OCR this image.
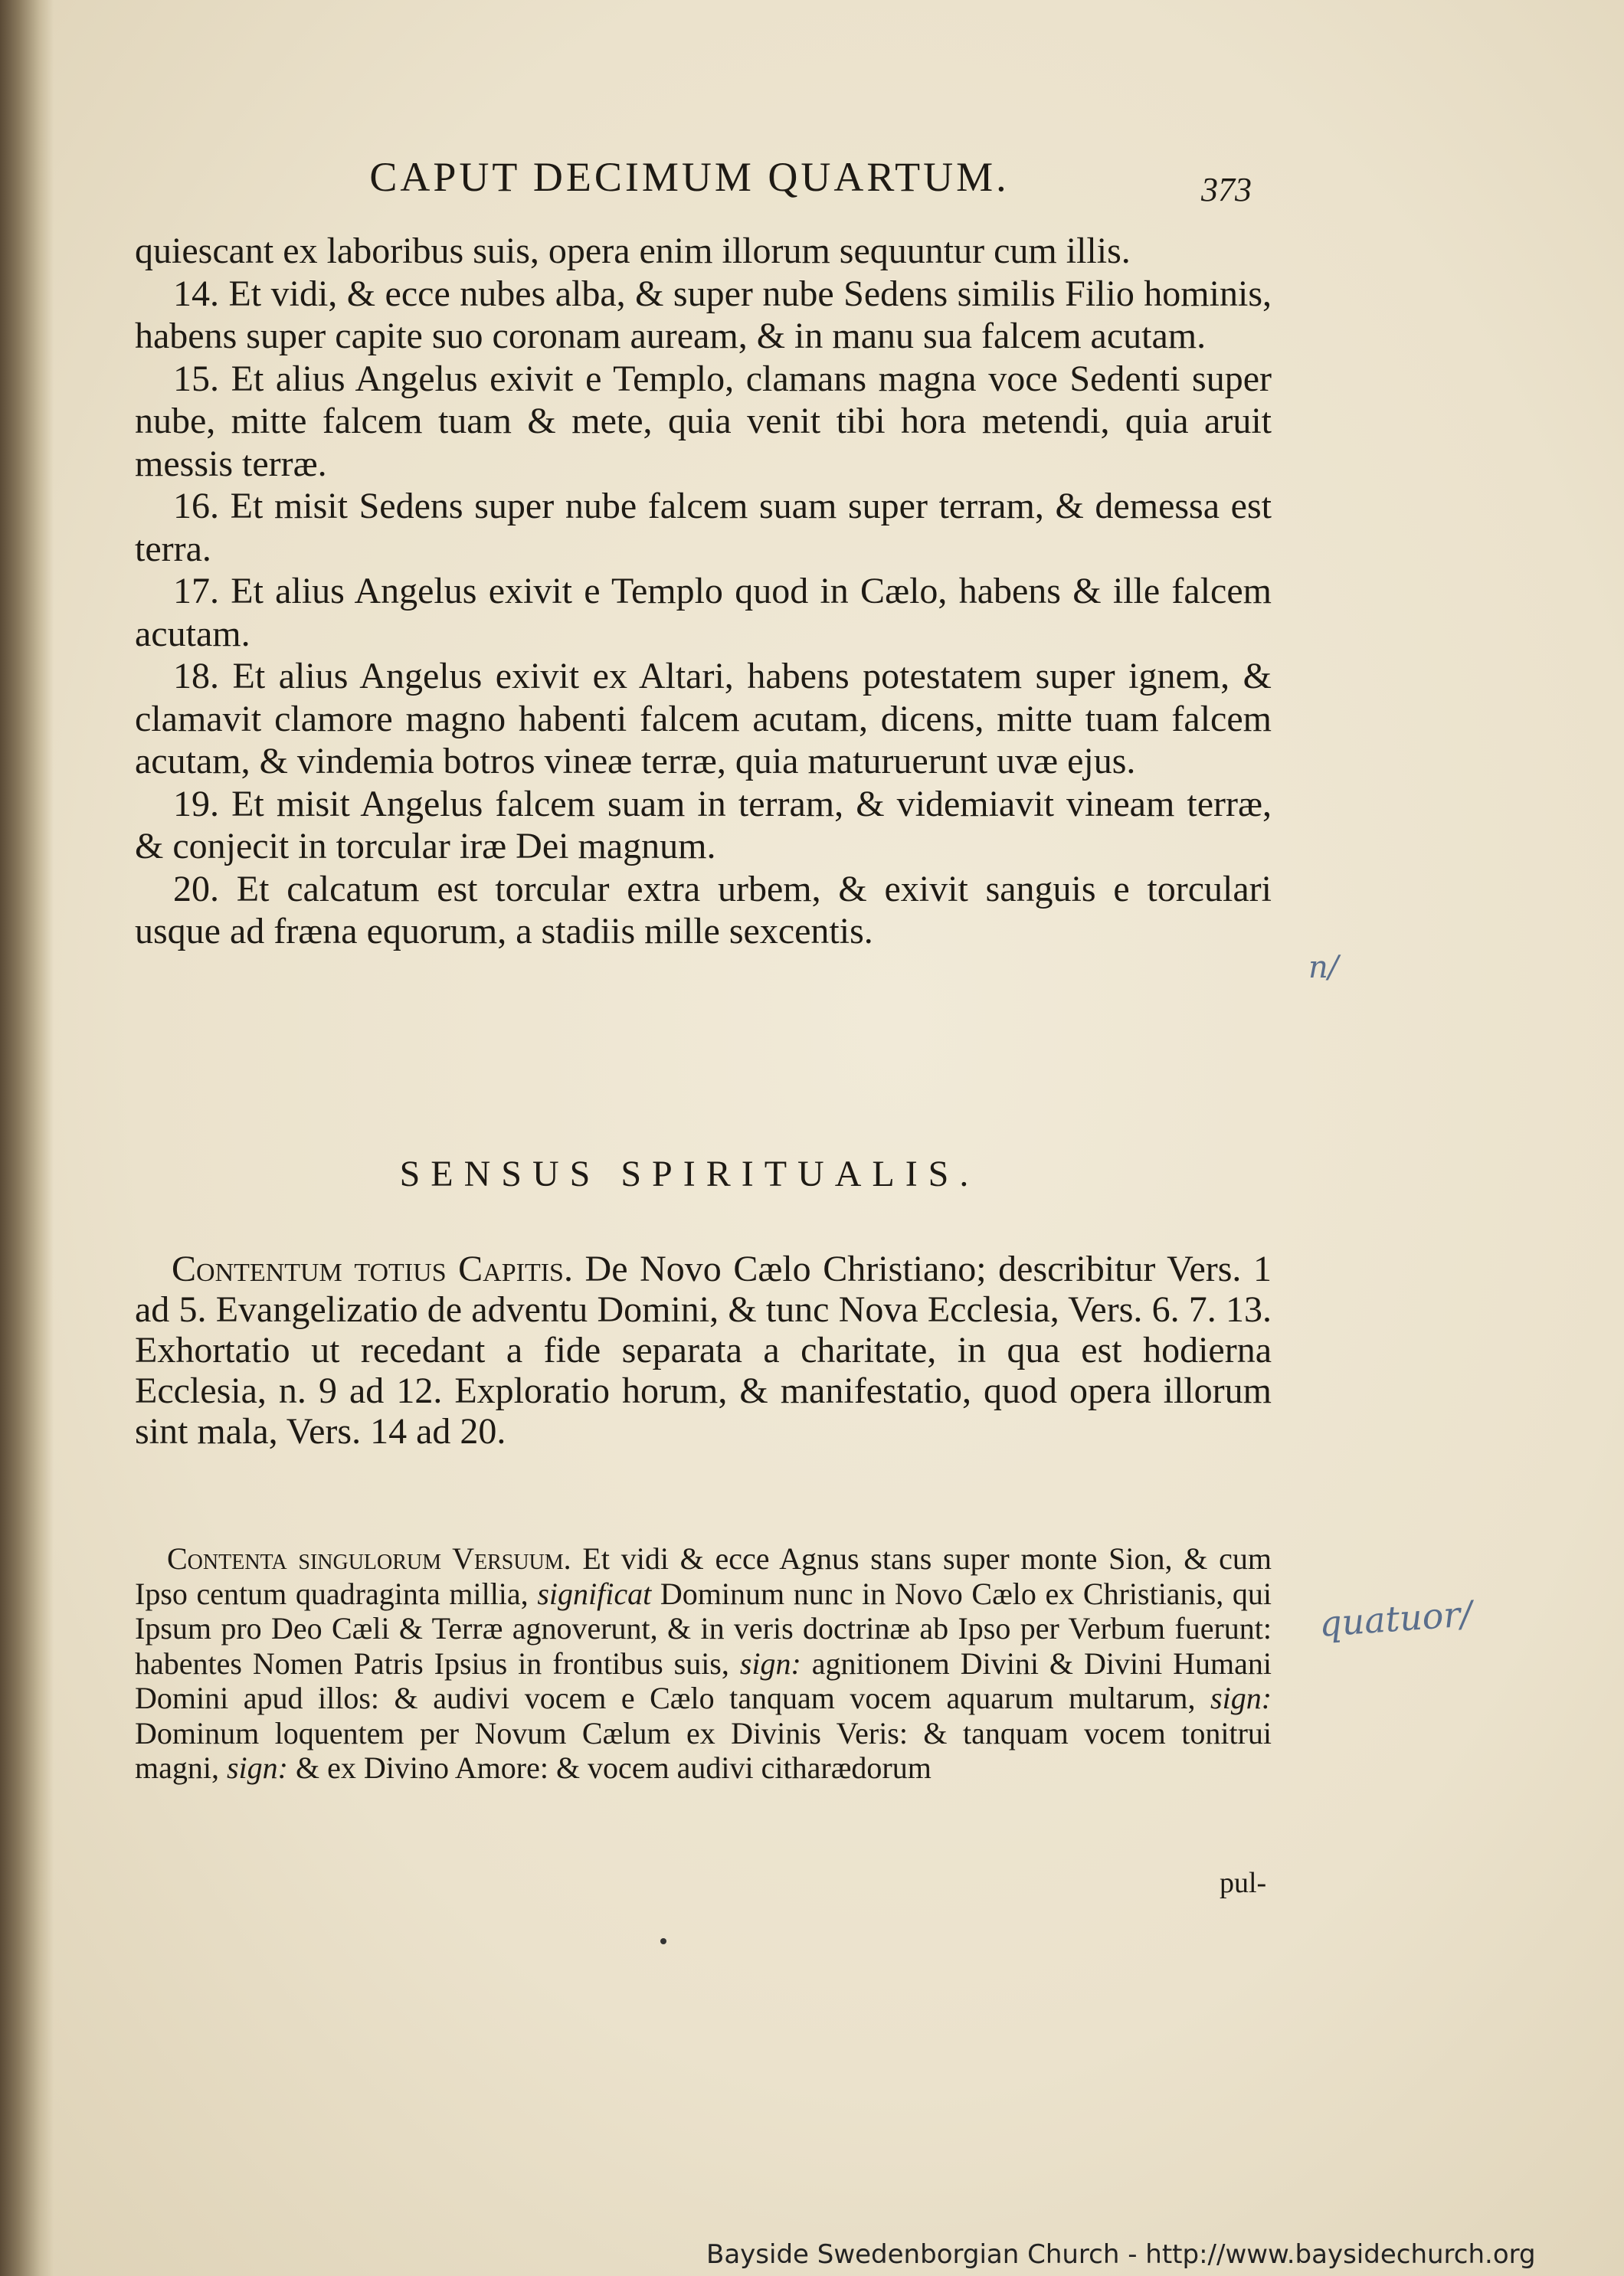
CAPUT DECIMUM QUARTUM.	373

quiescant ex laboribus suis, opera enim illorum sequuntur cum illis.

14. Et vidi, & ecce nubes alba, & super nube Sedens similis Filio hominis, habens super capite suo coronam auream, & in manu sua falcem acutam.

15. Et alius Angelus exivit e Templo, clamans magna voce Sedenti super nube, mitte falcem tuam & mete, quia venit tibi hora metendi, quia aruit messis terræ.

16. Et misit Sedens super nube falcem suam super terram, & demessa est terra.

17. Et alius Angelus exivit e Templo quod in Cælo, habens & ille falcem acutam.

18. Et alius Angelus exivit ex Altari, habens potestatem super ignem, & clamavit clamore magno habenti falcem acutam, dicens, mitte tuam falcem acutam, & vindemia botros vineæ terræ, quia maturuerunt uvæ ejus.

19. Et misit Angelus falcem suam in terram, & videmiavit vineam terræ, & conjecit in torcular iræ Dei magnum.

20. Et calcatum est torcular extra urbem, & exivit sanguis e torculari usque ad fræna equorum, a stadiis mille sexcentis.

SENSUS SPIRITUALIS.
Contentum totius Capitis. De Novo Cælo Christiano; describitur Vers. 1 ad 5. Evangelizatio de adventu Domini, & tunc Nova Ecclesia, Vers. 6. 7. 13. Exhortatio ut recedant a fide separata a charitate, in qua est hodierna Ecclesia, n. 9 ad 12. Exploratio horum, & manifestatio, quod opera illorum sint mala, Vers. 14 ad 20.
Contenta singulorum Versuum. Et vidi & ecce Agnus stans super monte Sion, & cum Ipso centum quadraginta millia, significat Dominum nunc in Novo Cælo ex Christianis, qui Ipsum pro Deo Cæli & Terræ agnoverunt, & in veris doctrinæ ab Ipso per Verbum fuerunt: habentes Nomen Patris Ipsius in frontibus suis, sign: agnitionem Divini & Divini Humani Domini apud illos: & audivi vocem e Cælo tanquam vocem aquarum multarum, sign: Dominum loquentem per Novum Cælum ex Divinis Veris: & tanquam vocem tonitrui magni, sign: & ex Divino Amore: & vocem audivi citharædorum
pul-
n/
quatuor/
Bayside Swedenborgian Church - http://www.baysidechurch.org
